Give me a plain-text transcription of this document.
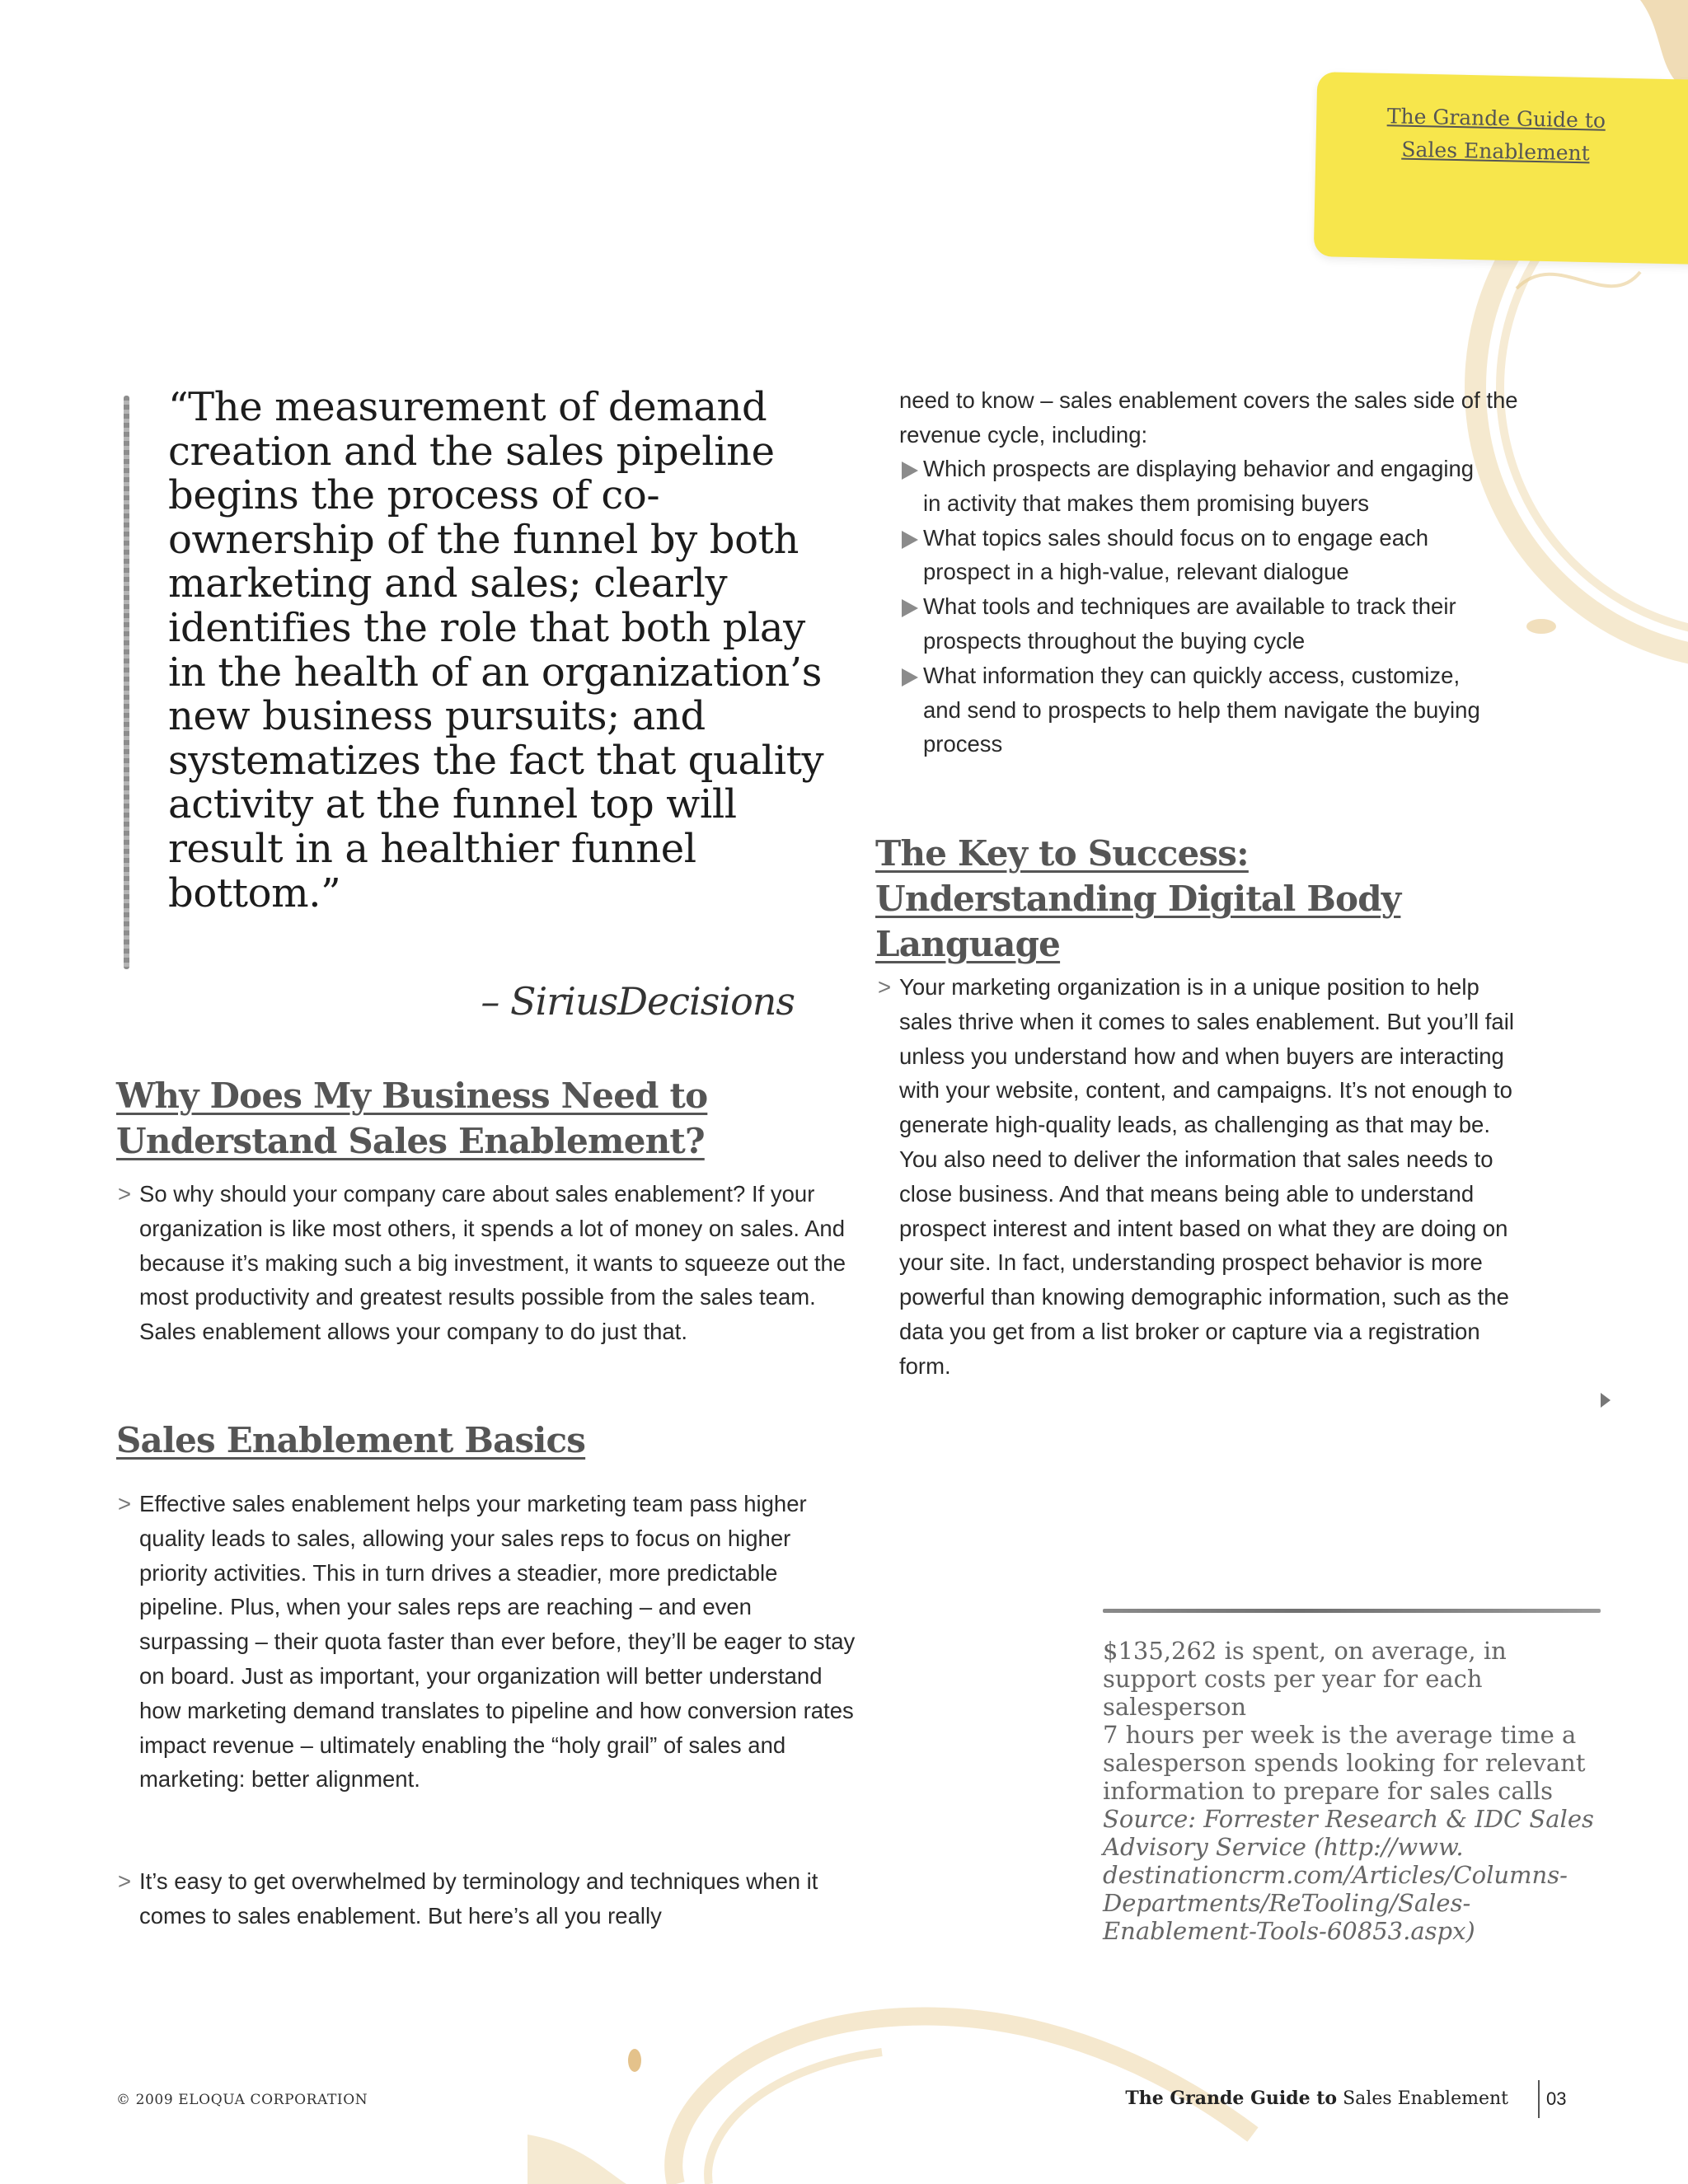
The Grande Guide to
Sales Enablement

“The measurement of demand creation and the sales pipeline begins the process of co-ownership of the funnel by both marketing and sales; clearly identifies the role that both play in the health of an organization’s new business pursuits; and systematizes the fact that quality activity at the funnel top will result in a healthier funnel bottom.”

– SiriusDecisions
Why Does My Business Need to Understand Sales Enablement?

> So why should your company care about sales enablement? If your organization is like most others, it spends a lot of money on sales. And because it’s making such a big investment, it wants to squeeze out the most productivity and greatest results possible from the sales team. Sales enablement allows your company to do just that.

Sales Enablement Basics

> Effective sales enablement helps your marketing team pass higher quality leads to sales, allowing your sales reps to focus on higher priority activities. This in turn drives a steadier, more predictable pipeline. Plus, when your sales reps are reaching – and even surpassing – their quota faster than ever before, they’ll be eager to stay on board. Just as important, your organization will better understand how marketing demand translates to pipeline and how conversion rates impact revenue – ultimately enabling the “holy grail” of sales and marketing: better alignment.

> It’s easy to get overwhelmed by terminology and techniques when it comes to sales enablement. But here’s all you really

need to know – sales enablement covers the sales side of the revenue cycle, including:

Which prospects are displaying behavior and engaging in activity that makes them promising buyers
What topics sales should focus on to engage each prospect in a high-value, relevant dialogue
What tools and techniques are available to track their prospects throughout the buying cycle
What information they can quickly access, customize, and send to prospects to help them navigate the buying process
The Key to Success: Understanding Digital Body Language

> Your marketing organization is in a unique position to help sales thrive when it comes to sales enablement. But you’ll fail unless you understand how and when buyers are interacting with your website, content, and campaigns. It’s not enough to generate high-quality leads, as challenging as that may be. You also need to deliver the information that sales needs to close business. And that means being able to understand prospect interest and intent based on what they are doing on your site. In fact, understanding prospect behavior is more powerful than knowing demographic information, such as the data you get from a list broker or capture via a registration form.

$135,262 is spent, on average, in support costs per year for each salesperson

7 hours per week is the average time a salesperson spends looking for relevant information to prepare for sales calls

Source: Forrester Research & IDC Sales Advisory Service (http://www. destinationcrm.com/Articles/Columns-Departments/ReTooling/Sales-Enablement-Tools-60853.aspx)

© 2009 ELOQUA CORPORATION	The Grande Guide to Sales Enablement 03
